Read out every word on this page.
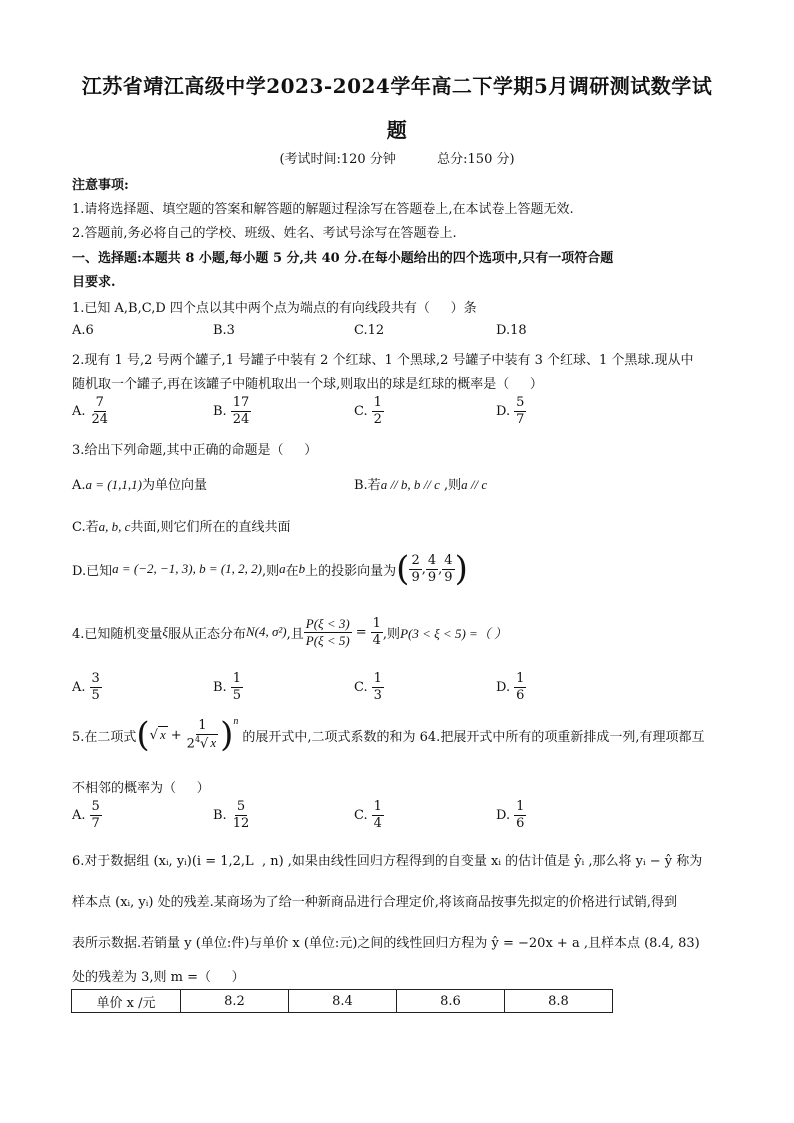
江苏省靖江高级中学2023-2024学年高二下学期5月调研测试数学试
题
(考试时间:120 分钟          总分:150 分)
注意事项:
1.请将选择题、填空题的答案和解答题的解题过程涂写在答题卷上,在本试卷上答题无效.
2.答题前,务必将自己的学校、班级、姓名、考试号涂写在答题卷上.
一、选择题:本题共 8 小题,每小题 5 分,共 40 分.在每小题给出的四个选项中,只有一项符合题
目要求.
1.已知 A,B,C,D 四个点以其中两个点为端点的有向线段共有（     ）条
A.6	B.3	C.12	D.18
2.现有 1 号,2 号两个罐子,1 号罐子中装有 2 个红球、1 个黑球,2 号罐子中装有 3 个红球、1 个黑球.现从中
随机取一个罐子,再在该罐子中随机取出一个球,则取出的球是红球的概率是（     ）
A. $\frac{7}{24}$	B. $\frac{17}{24}$	C. $\frac{1}{2}$	D. $\frac{5}{7}$
3.给出下列命题,其中正确的命题是（     ）
A.a = (1,1,1)为单位向量	B.若a // b, b // c ,则a // c
C.若a, b, c共面,则它们所在的直线共面
D.已知 a = (−2, −1, 3), b = (1, 2, 2) ,则 a 在 b 上的投影向量为 ( $\frac{2}{9}$ , $\frac{4}{9}$ , $\frac{4}{9}$ )
4.已知随机变量 ξ 服从正态分布 N(4, σ²) ,且 $\frac{P(\xi < 3)}{P(\xi < 5)} = \frac{1}{4}$ ,则 P(3 < ξ < 5) =（ ）
A. $\frac{3}{5}$	B. $\frac{1}{5}$	C. $\frac{1}{3}$	D. $\frac{1}{6}$
5.在二项式 ( √ $x + \frac{1}{2^4√ x} )^n$
的展开式中,二项式系数的和为 64.把展开式中所有的项重新排成一列,有理项都互
不相邻的概率为（     ）
A. $\frac{5}{7}$	B. $\frac{5}{12}$	C. $\frac{1}{4}$	D. $\frac{1}{6}$
6.对于数据组 (xᵢ, yᵢ)(i = 1,2,L  , n) ,如果由线性回归方程得到的自变量 xᵢ 的估计值是 ŷᵢ ,那么将 yᵢ − ŷ 称为
样本点 (xᵢ, yᵢ) 处的残差.某商场为了给一种新商品进行合理定价,将该商品按事先拟定的价格进行试销,得到
表所示数据.若销量 y (单位:件)与单价 x (单位:元)之间的线性回归方程为 ŷ = −20x + a ,且样本点 (8.4, 83)
处的残差为 3,则 m =（     ）
单价 x /元	8.2	8.4	8.6	8.8
